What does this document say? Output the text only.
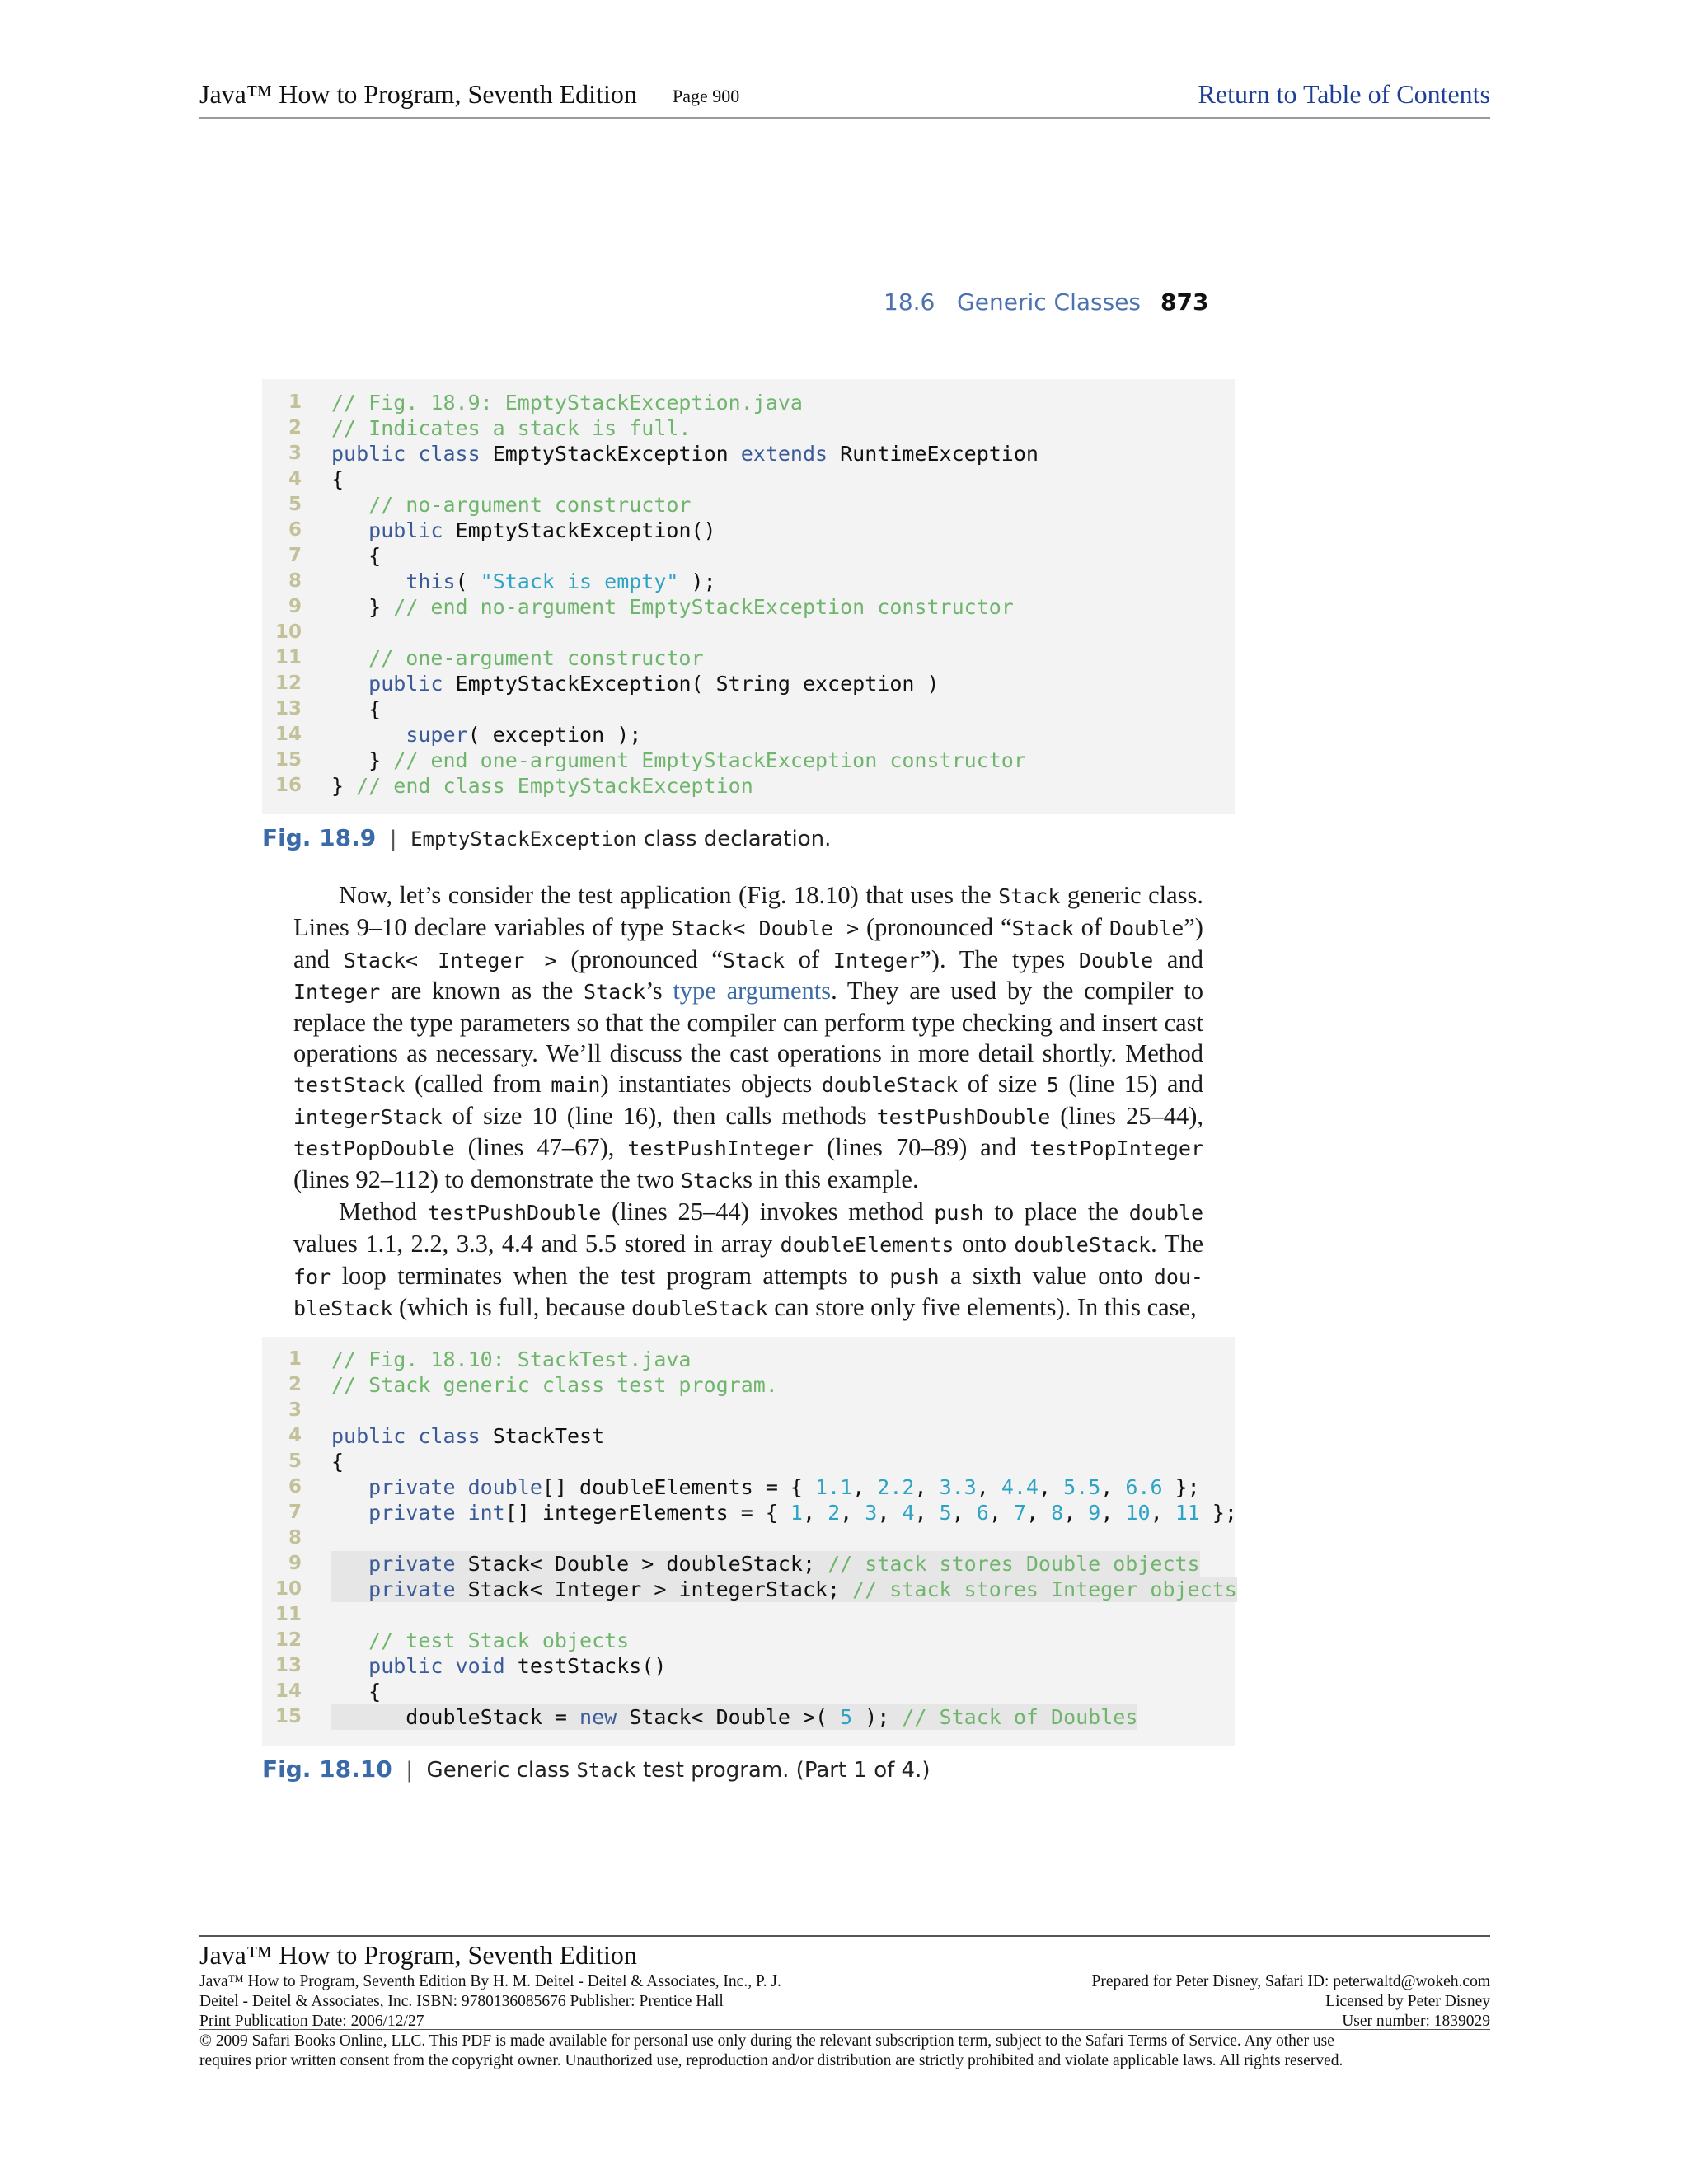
Java™ How to Program, Seventh Edition Page 900	Return to Table of Contents
18.6   Generic Classes 873
1 // Fig. 18.9: EmptyStackException.java
2 // Indicates a stack is full.
3 public class EmptyStackException extends RuntimeException
4 {
5 // no-argument constructor
6	public EmptyStackException()
7 {
8	this( "Stack is empty" );
9 } // end no-argument EmptyStackException constructor
10
11 // one-argument constructor
12	public EmptyStackException( String exception )
13 {
14	super( exception );
15 } // end one-argument EmptyStackException constructor
16 } // end class EmptyStackException
Fig. 18.9 | EmptyStackException class declaration.

Now, let’s consider the test application (Fig. 18.10) that uses the Stack generic class. Lines 9–10 declare variables of type Stack< Double > (pronounced “Stack of Double”) and Stack< Integer > (pronounced “Stack of Integer”). The types Double and Integer are known as the Stack’s type arguments. They are used by the compiler to replace the type parameters so that the compiler can perform type checking and insert cast operations as necessary. We’ll discuss the cast operations in more detail shortly. Method testStack (called from main) instantiates objects doubleStack of size 5 (line 15) and integerStack of size 10 (line 16), then calls methods testPushDouble (lines 25–44), testPopDouble (lines 47–67), testPushInteger (lines 70–89) and testPopInteger (lines 92–112) to demonstrate the two Stacks in this example.

Method testPushDouble (lines 25–44) invokes method push to place the double values 1.1, 2.2, 3.3, 4.4 and 5.5 stored in array doubleElements onto doubleStack. The for loop terminates when the test program attempts to push a sixth value onto dou-bleStack (which is full, because doubleStack can store only five elements). In this case,

1 // Fig. 18.10: StackTest.java
2 // Stack generic class test program.
3
4 public class StackTest
5 {
6	private double[] doubleElements = { 1.1, 2.2, 3.3, 4.4, 5.5, 6.6 };
7	private int[] integerElements = { 1, 2, 3, 4, 5, 6, 7, 8, 9, 10, 11 };
8
9	private Stack< Double > doubleStack; // stack stores Double objects
10	private Stack< Integer > integerStack; // stack stores Integer objects
11
12 // test Stack objects
13	public void testStacks()
14 {
15 doubleStack = new Stack< Double >( 5 ); // Stack of Doubles
Fig. 18.10 | Generic class Stack test program. (Part 1 of 4.)
Java™ How to Program, Seventh Edition
Java™ How to Program, Seventh Edition By H. M. Deitel - Deitel & Associates, Inc., P. J.
Deitel - Deitel & Associates, Inc. ISBN: 9780136085676 Publisher: Prentice Hall
Print Publication Date: 2006/12/27
Prepared for Peter Disney, Safari ID: peterwaltd@wokeh.com
Licensed by Peter Disney
User number: 1839029
© 2009 Safari Books Online, LLC. This PDF is made available for personal use only during the relevant subscription term, subject to the Safari Terms of Service. Any other use
requires prior written consent from the copyright owner. Unauthorized use, reproduction and/or distribution are strictly prohibited and violate applicable laws. All rights reserved.
